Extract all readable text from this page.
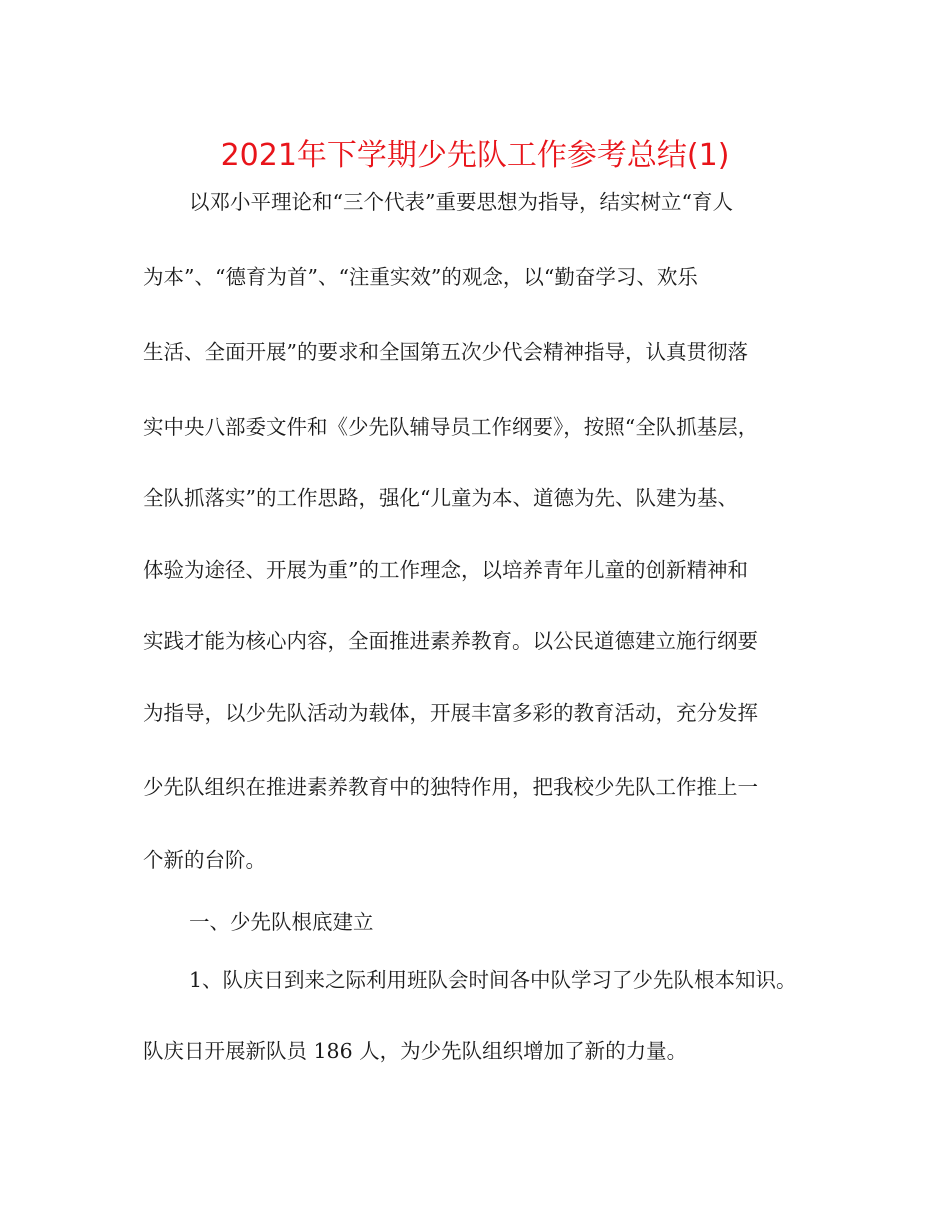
2021年下学期少先队工作参考总结(1)
以邓小平理论和“三个代表”重要思想为指导，结实树立“育人
为本”、“德育为首”、“注重实效”的观念，以“勤奋学习、欢乐
生活、全面开展”的要求和全国第五次少代会精神指导，认真贯彻落
实中央八部委文件和《少先队辅导员工作纲要》，按照“全队抓基层，
全队抓落实”的工作思路，强化“儿童为本、道德为先、队建为基、
体验为途径、开展为重”的工作理念，以培养青年儿童的创新精神和
实践才能为核心内容，全面推进素养教育。以公民道德建立施行纲要
为指导，以少先队活动为载体，开展丰富多彩的教育活动，充分发挥
少先队组织在推进素养教育中的独特作用，把我校少先队工作推上一
个新的台阶。
一、少先队根底建立
1、队庆日到来之际利用班队会时间各中队学习了少先队根本知识。
队庆日开展新队员 186 人，为少先队组织增加了新的力量。
